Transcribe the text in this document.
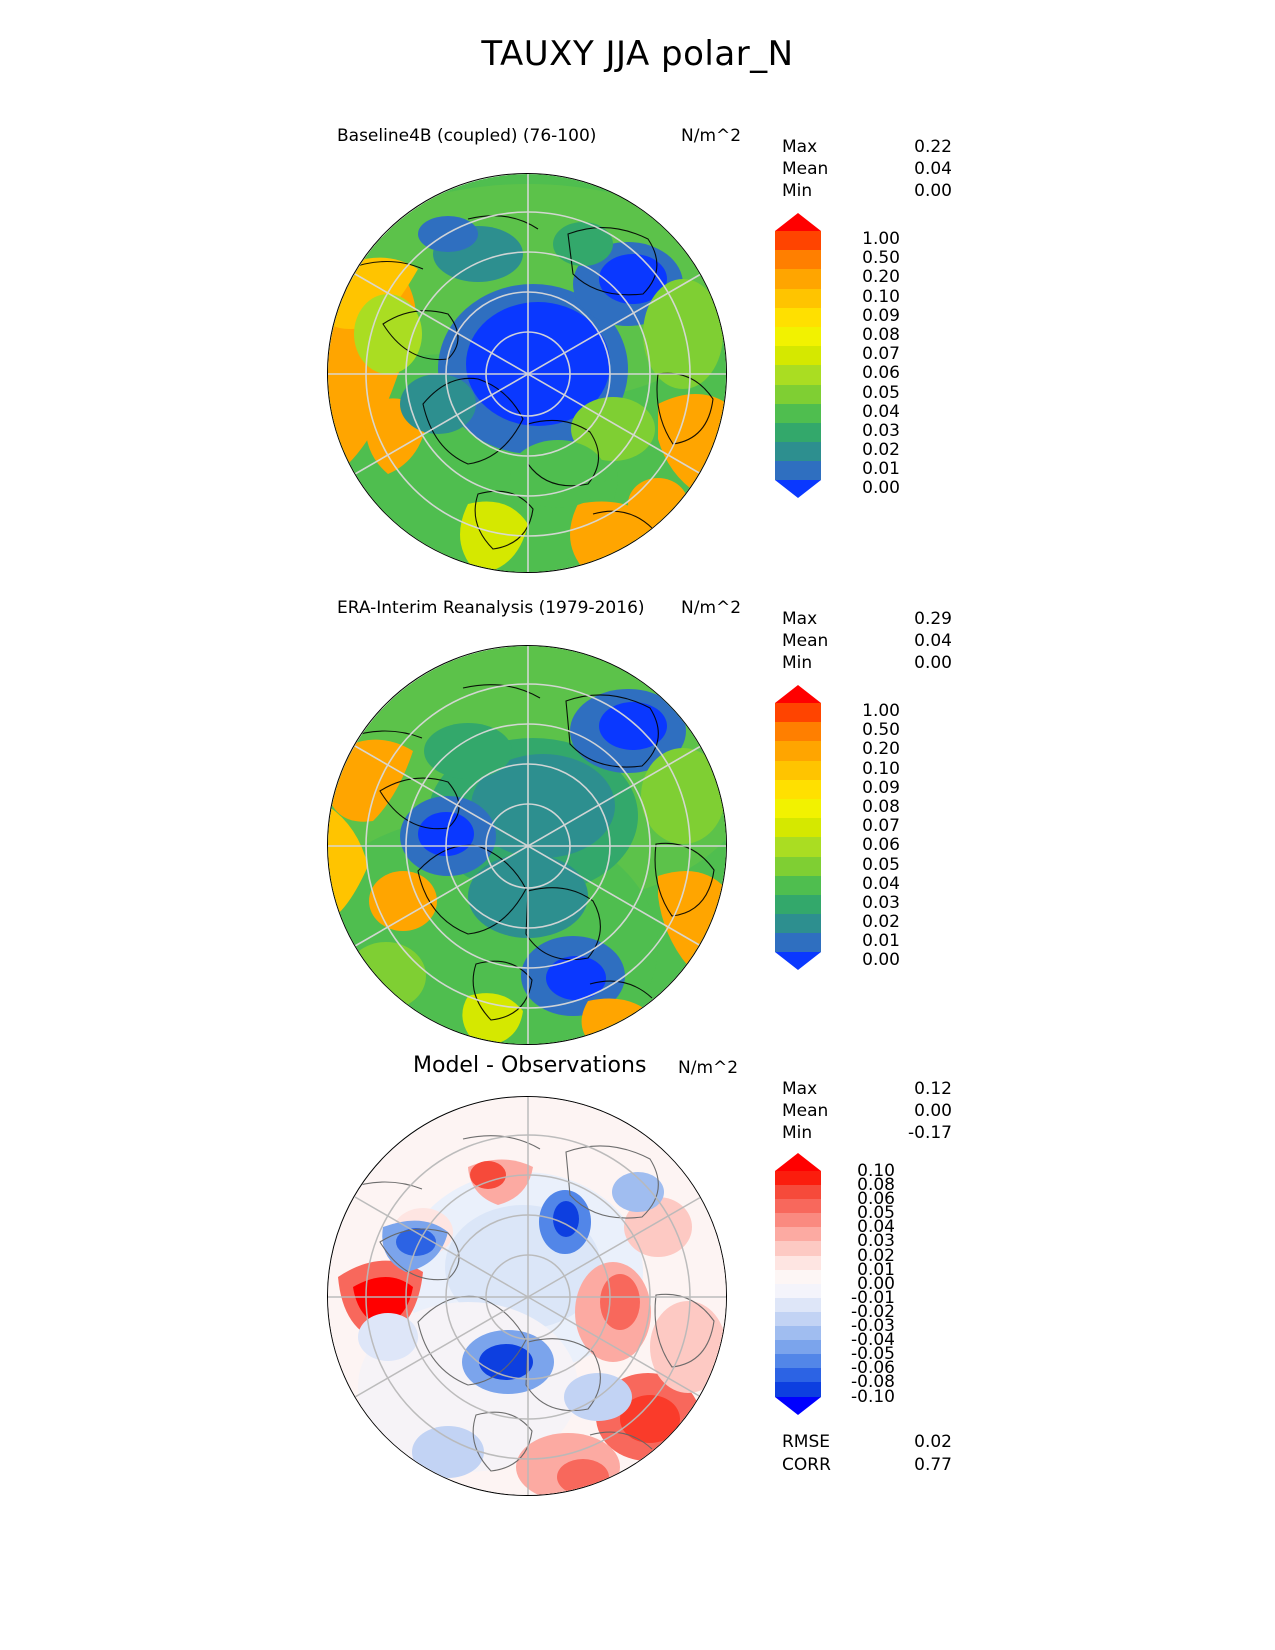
TAUXY JJA polar_N
Baseline4B (coupled) (76-100)	N/m^2
Max	0.22
Mean	0.04
Min	0.00
1.00
0.50
0.20
0.10
0.09
0.08
0.07
0.06
0.05
0.04
0.03
0.02
0.01
0.00
ERA-Interim Reanalysis (1979-2016) N/m^2
Max	0.29
Mean	0.04
Min	0.00
1.00
0.50
0.20
0.10
0.09
0.08
0.07
0.06
0.05
0.04
0.03
0.02
0.01
0.00
Model - Observations N/m^2
Max	0.12
Mean	0.00
Min	-0.17
0.10
0.08
0.06
0.05
0.04
0.03
0.02
0.01
0.00
-0.01
-0.02
-0.03
-0.04
-0.05
-0.06
-0.08
-0.10
RMSE	0.02
CORR	0.77
